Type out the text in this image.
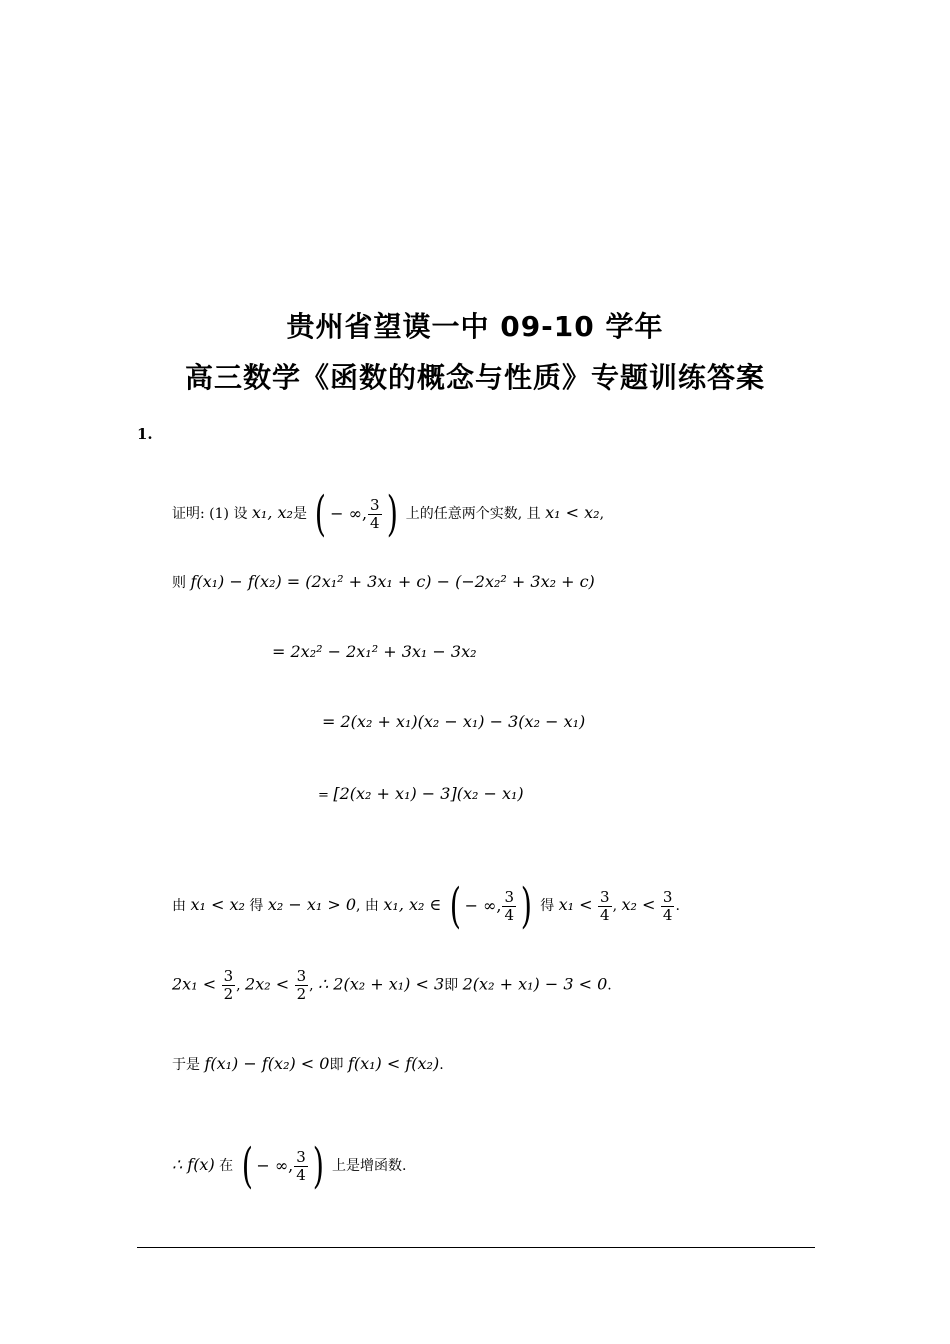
贵州省望谟一中 09-10 学年
高三数学《函数的概念与性质》专题训练答案
1.
证明: (1) 设 x₁, x₂是 ( − ∞, $\frac{3}{4}$ ) 上的任意两个实数, 且 x₁ < x₂,
则 f(x₁) − f(x₂) = (2x₁² + 3x₁ + c) − (−2x₂² + 3x₂ + c)
= 2x₂² − 2x₁² + 3x₁ − 3x₂
= 2(x₂ + x₁)(x₂ − x₁) − 3(x₂ − x₁)
= [2(x₂ + x₁) − 3](x₂ − x₁)
由 x₁ < x₂ 得 x₂ − x₁ > 0, 由 x₁, x₂ ∈ ( − ∞, $\frac{3}{4}$ ) 得 $x_1 < \frac{3}{4}$ , $x_2 < \frac{3}{4}$ .
$2x_1 < \frac{3}{2}$ , $2x_2 < \frac{3}{2}$ , ∴ 2(x₂ + x₁) < 3即 2(x₂ + x₁) − 3 < 0.
于是 f(x₁) − f(x₂) < 0即 f(x₁) < f(x₂).
∴ f(x) 在 ( − ∞, $\frac{3}{4}$ ) 上是增函数.
